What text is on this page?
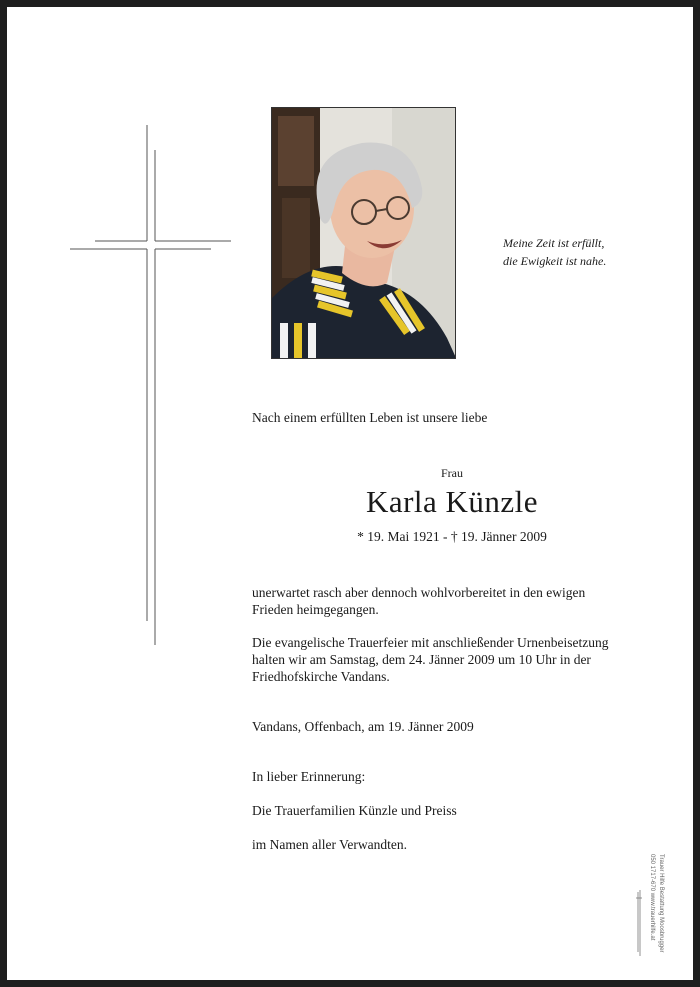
Meine Zeit ist erfüllt,
die Ewigkeit ist nahe.
Nach einem erfüllten Leben ist unsere liebe
Frau
Karla Künzle
* 19. Mai 1921 - † 19. Jänner 2009
unerwartet rasch aber dennoch wohlvorbereitet in den ewigen
Frieden heimgegangen.
Die evangelische Trauerfeier mit anschließender Urnenbeisetzung
halten wir am Samstag, dem 24. Jänner 2009 um 10 Uhr in der
Friedhofskirche Vandans.
Vandans, Offenbach, am 19. Jänner 2009
In lieber Erinnerung:
Die Trauerfamilien Künzle und Preiss
im Namen aller Verwandten.
Trauer Hilfe Bestattung Moosbrugger
050 1717-670 www.trauerhilfe.at
